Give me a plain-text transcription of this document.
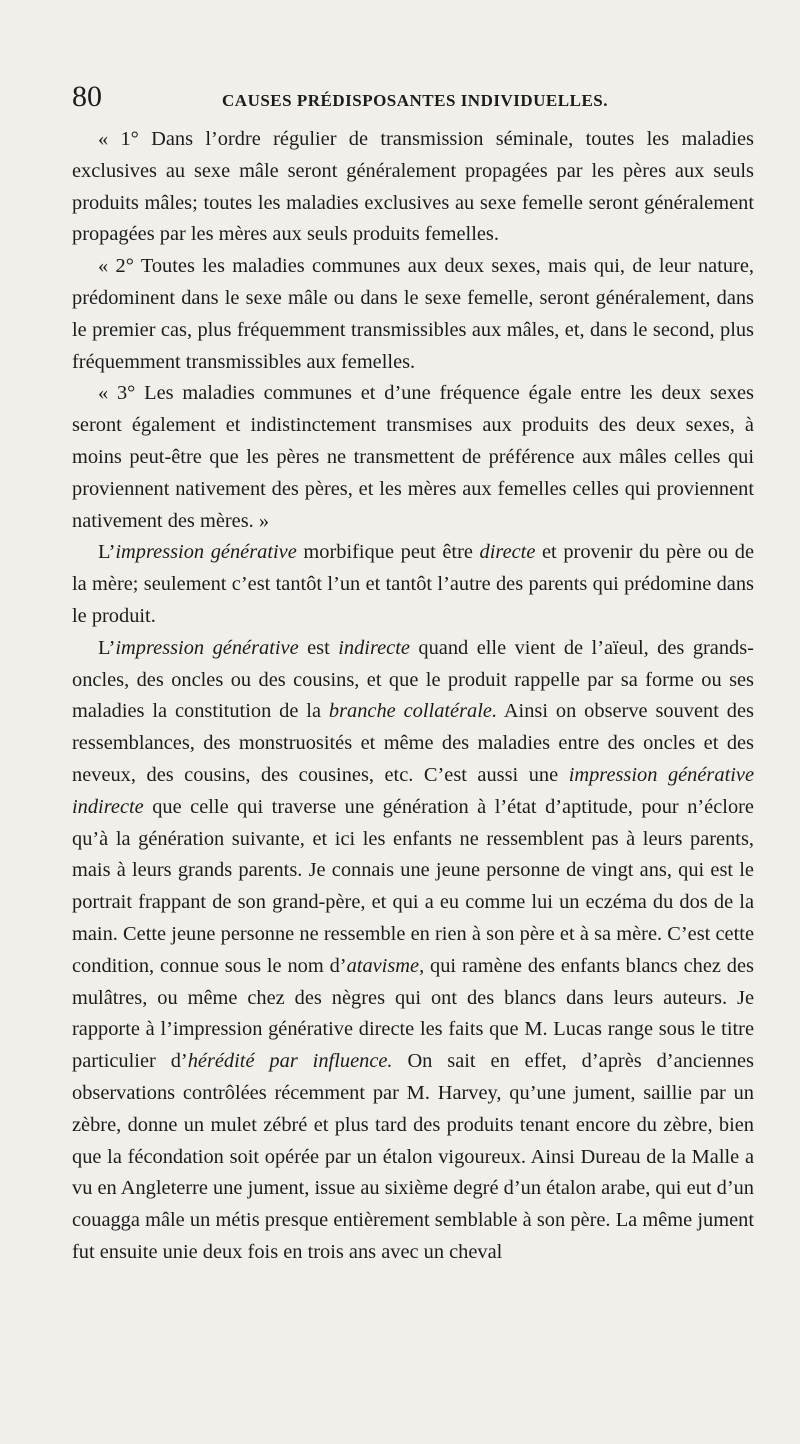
80	CAUSES PRÉDISPOSANTES INDIVIDUELLES.

« 1° Dans l’ordre régulier de transmission séminale, toutes les maladies exclusives au sexe mâle seront généralement propagées par les pères aux seuls produits mâles; toutes les maladies exclusives au sexe femelle seront généralement propagées par les mères aux seuls produits femelles.

« 2° Toutes les maladies communes aux deux sexes, mais qui, de leur nature, prédominent dans le sexe mâle ou dans le sexe femelle, seront généralement, dans le premier cas, plus fréquemment transmissibles aux mâles, et, dans le second, plus fréquemment transmissibles aux femelles.

« 3° Les maladies communes et d’une fréquence égale entre les deux sexes seront également et indistinctement transmises aux produits des deux sexes, à moins peut-être que les pères ne transmettent de préférence aux mâles celles qui proviennent nativement des pères, et les mères aux femelles celles qui proviennent nativement des mères. »

L’impression générative morbifique peut être directe et provenir du père ou de la mère; seulement c’est tantôt l’un et tantôt l’autre des parents qui prédomine dans le produit.

L’impression générative est indirecte quand elle vient de l’aïeul, des grands-oncles, des oncles ou des cousins, et que le produit rappelle par sa forme ou ses maladies la constitution de la branche collatérale. Ainsi on observe souvent des ressemblances, des monstruosités et même des maladies entre des oncles et des neveux, des cousins, des cousines, etc. C’est aussi une impression générative indirecte que celle qui traverse une génération à l’état d’aptitude, pour n’éclore qu’à la génération suivante, et ici les enfants ne ressemblent pas à leurs parents, mais à leurs grands parents. Je connais une jeune personne de vingt ans, qui est le portrait frappant de son grand-père, et qui a eu comme lui un eczéma du dos de la main. Cette jeune personne ne ressemble en rien à son père et à sa mère. C’est cette condition, connue sous le nom d’atavisme, qui ramène des enfants blancs chez des mulâtres, ou même chez des nègres qui ont des blancs dans leurs auteurs. Je rapporte à l’impression générative directe les faits que M. Lucas range sous le titre particulier d’hérédité par influence. On sait en effet, d’après d’anciennes observations contrôlées récemment par M. Harvey, qu’une jument, saillie par un zèbre, donne un mulet zébré et plus tard des produits tenant encore du zèbre, bien que la fécondation soit opérée par un étalon vigoureux. Ainsi Dureau de la Malle a vu en Angleterre une jument, issue au sixième degré d’un étalon arabe, qui eut d’un couagga mâle un métis presque entièrement semblable à son père. La même jument fut ensuite unie deux fois en trois ans avec un cheval
